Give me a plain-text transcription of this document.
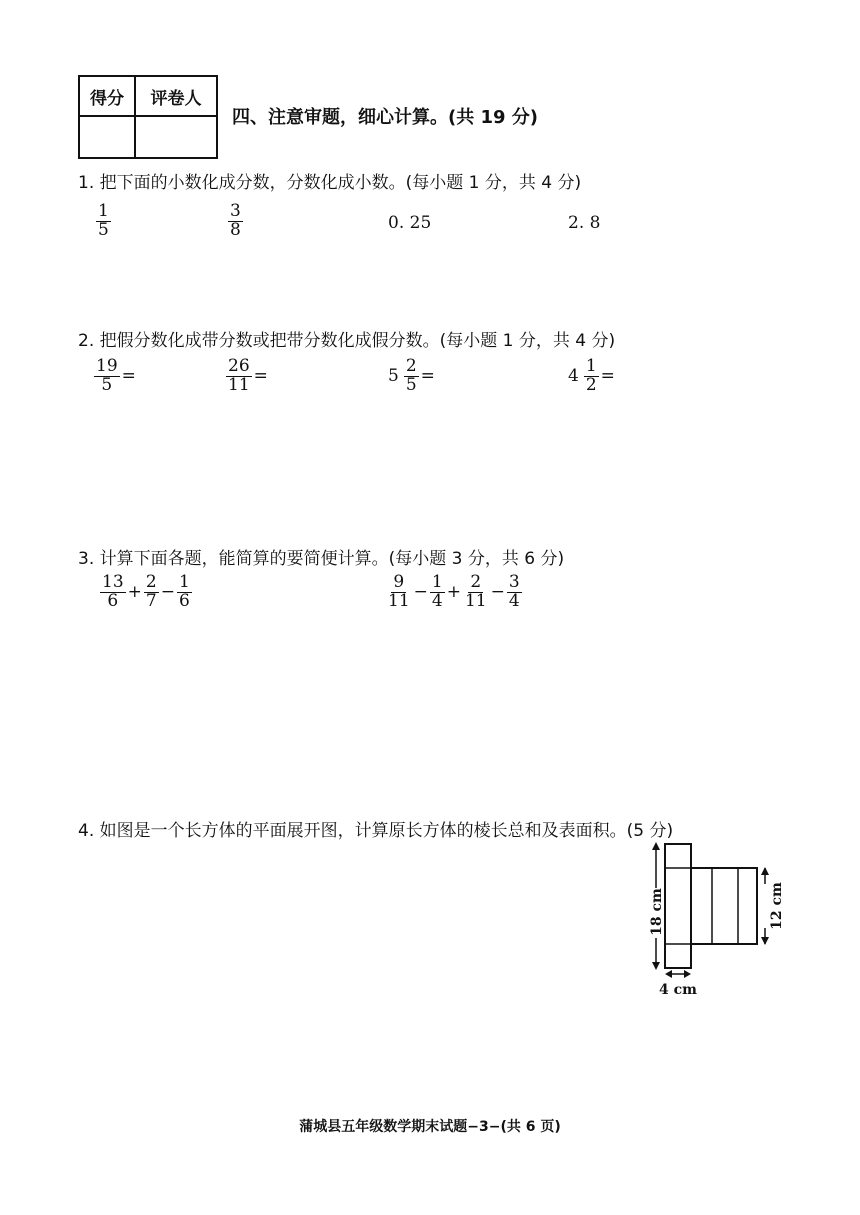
得分	评卷人

四、注意审题，细心计算。(共 19 分)
1. 把下面的小数化成分数，分数化成小数。(每小题 1 分，共 4 分)
$\frac{1}{5}$	$\frac{3}{8}$	0. 25	2. 8
2. 把假分数化成带分数或把带分数化成假分数。(每小题 1 分，共 4 分)
$\frac{19}{5}$ =	$\frac{26}{11}$ =	$5 \frac{2}{5}$ =	$4 \frac{1}{2}$ =
3. 计算下面各题，能简算的要简便计算。(每小题 3 分，共 6 分)
$\frac{13}{6} + \frac{2}{7} - \frac{1}{6}$	$\frac{9}{11} - \frac{1}{4} + \frac{2}{11} - \frac{3}{4}$
4. 如图是一个长方体的平面展开图，计算原长方体的棱长总和及表面积。(5 分)
18 cm	12 cm
4 cm
蒲城县五年级数学期末试题−3−(共 6 页)
